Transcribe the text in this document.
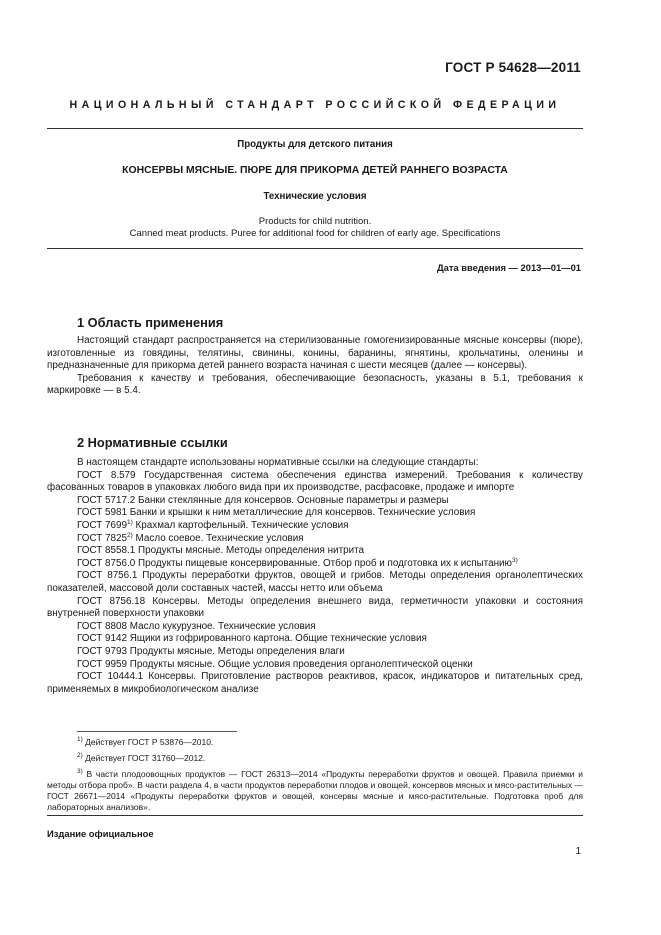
ГОСТ Р 54628—2011
НАЦИОНАЛЬНЫЙ СТАНДАРТ РОССИЙСКОЙ ФЕДЕРАЦИИ
Продукты для детского питания
КОНСЕРВЫ МЯСНЫЕ. ПЮРЕ ДЛЯ ПРИКОРМА ДЕТЕЙ РАННЕГО ВОЗРАСТА
Технические условия
Products for child nutrition.
Canned meat products. Puree for additional food for children of early age. Specifications
Дата введения — 2013—01—01
1 Область применения

Настоящий стандарт распространяется на стерилизованные гомогенизированные мясные консервы (пюре), изготовленные из говядины, телятины, свинины, конины, баранины, ягнятины, крольчатины, оленины и предназначенные для прикорма детей раннего возраста начиная с шести месяцев (далее — консервы).

Требования к качеству и требования, обеспечивающие безопасность, указаны в 5.1, требования к маркировке — в 5.4.

2 Нормативные ссылки

В настоящем стандарте использованы нормативные ссылки на следующие стандарты:

ГОСТ 8.579 Государственная система обеспечения единства измерений. Требования к количеству фасованных товаров в упаковках любого вида при их производстве, расфасовке, продаже и импорте

ГОСТ 5717.2 Банки стеклянные для консервов. Основные параметры и размеры

ГОСТ 5981 Банки и крышки к ним металлические для консервов. Технические условия

ГОСТ 7699$^{1)}$ Крахмал картофельный. Технические условия

ГОСТ 7825$^{2)}$ Масло соевое. Технические условия

ГОСТ 8558.1 Продукты мясные. Методы определения нитрита

ГОСТ 8756.0 Продукты пищевые консервированные. Отбор проб и подготовка их к испытанию$^{3)}$

ГОСТ 8756.1 Продукты переработки фруктов, овощей и грибов. Методы определения органолептических показателей, массовой доли составных частей, массы нетто или объема

ГОСТ 8756.18 Консервы. Методы определения внешнего вида, герметичности упаковки и состояния внутренней поверхности упаковки

ГОСТ 8808 Масло кукурузное. Технические условия

ГОСТ 9142 Ящики из гофрированного картона. Общие технические условия

ГОСТ 9793 Продукты мясные. Методы определения влаги

ГОСТ 9959 Продукты мясные. Общие условия проведения органолептической оценки

ГОСТ 10444.1 Консервы. Приготовление растворов реактивов, красок, индикаторов и питательных сред, применяемых в микробиологическом анализе

$^{1)}$ Действует ГОСТ Р 53876—2010.

$^{2)}$ Действует ГОСТ 31760—2012.

$^{3)}$ В части плодоовощных продуктов — ГОСТ 26313—2014 «Продукты переработки фруктов и овощей. Правила приемки и методы отбора проб». В части раздела 4, в части продуктов переработки плодов и овощей, консервов мясных и мясо-растительных — ГОСТ 26671—2014 «Продукты переработки фруктов и овощей, консервы мясные и мясо-растительные. Подготовка проб для лабораторных анализов».

Издание официальное
1
